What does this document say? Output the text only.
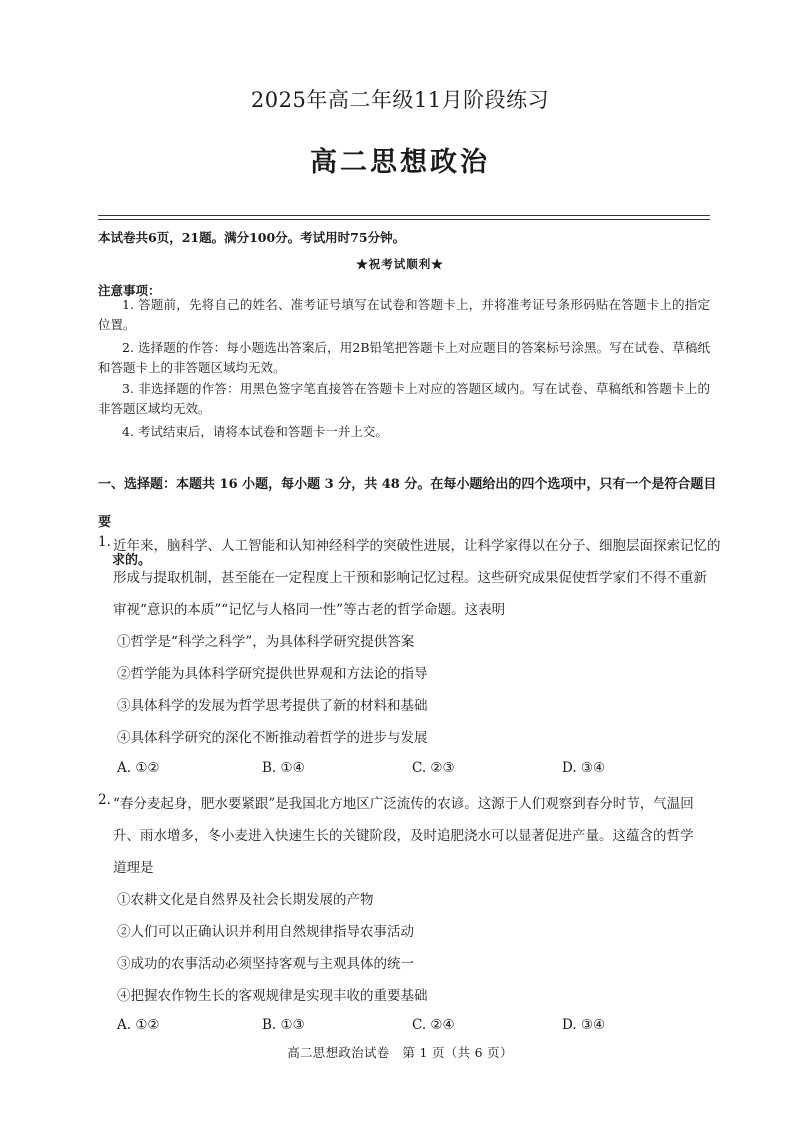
2025年高二年级11月阶段练习
高二思想政治
本试卷共6页，21题。满分100分。考试用时75分钟。
★祝考试顺利★
注意事项：
1. 答题前，先将自己的姓名、准考证号填写在试卷和答题卡上，并将准考证号条形码贴在答题卡上的指定位置。
2. 选择题的作答：每小题选出答案后，用2B铅笔把答题卡上对应题目的答案标号涂黑。写在试卷、草稿纸和答题卡上的非答题区域均无效。
3. 非选择题的作答：用黑色签字笔直接答在答题卡上对应的答题区域内。写在试卷、草稿纸和答题卡上的非答题区域均无效。
4. 考试结束后，请将本试卷和答题卡一并上交。
一、选择题：本题共 16 小题，每小题 3 分，共 48 分。在每小题给出的四个选项中，只有一个是符合题目要
求的。
1. 近年来，脑科学、人工智能和认知神经科学的突破性进展，让科学家得以在分子、细胞层面探索记忆的
形成与提取机制，甚至能在一定程度上干预和影响记忆过程。这些研究成果促使哲学家们不得不重新
审视“意识的本质”“记忆与人格同一性”等古老的哲学命题。这表明
①哲学是“科学之科学”，为具体科学研究提供答案
②哲学能为具体科学研究提供世界观和方法论的指导
③具体科学的发展为哲学思考提供了新的材料和基础
④具体科学研究的深化不断推动着哲学的进步与发展
A. ①②	B. ①④	C. ②③	D. ③④
2. “春分麦起身，肥水要紧跟”是我国北方地区广泛流传的农谚。这源于人们观察到春分时节，气温回
升、雨水增多，冬小麦进入快速生长的关键阶段，及时追肥浇水可以显著促进产量。这蕴含的哲学
道理是
①农耕文化是自然界及社会长期发展的产物
②人们可以正确认识并利用自然规律指导农事活动
③成功的农事活动必须坚持客观与主观具体的统一
④把握农作物生长的客观规律是实现丰收的重要基础
A. ①②	B. ①③	C. ②④	D. ③④
高二思想政治试卷　第 1 页（共 6 页）
